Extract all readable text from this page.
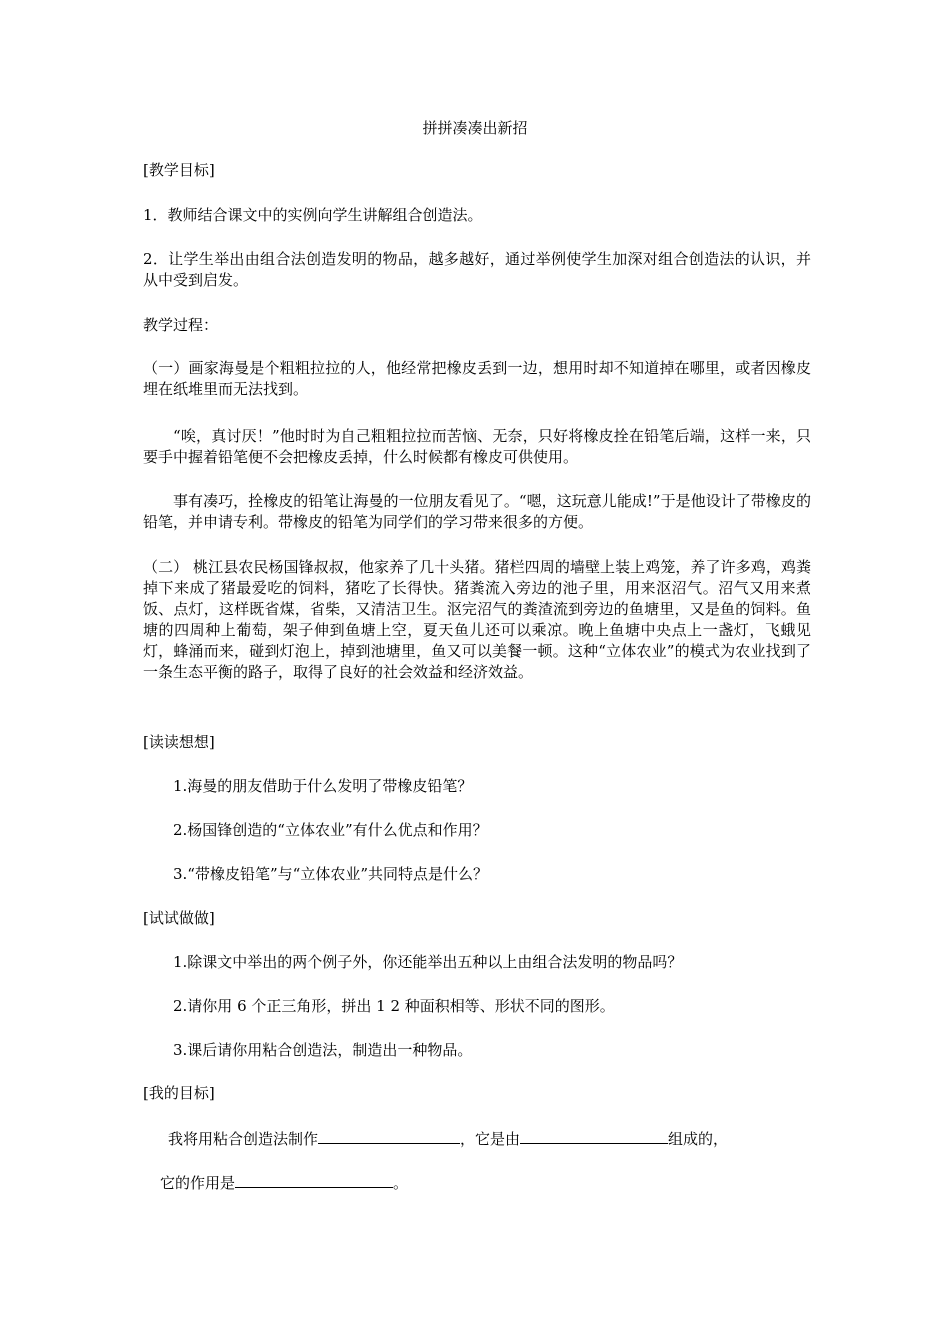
拼拼凑凑出新招

[教学目标]

1．教师结合课文中的实例向学生讲解组合创造法。

2．让学生举出由组合法创造发明的物品，越多越好，通过举例使学生加深对组合创造法的认识，并从中受到启发。

教学过程：

（一）画家海曼是个粗粗拉拉的人，他经常把橡皮丢到一边，想用时却不知道掉在哪里，或者因橡皮埋在纸堆里而无法找到。

“唉，真讨厌！”他时时为自己粗粗拉拉而苦恼、无奈，只好将橡皮拴在铅笔后端，这样一来，只要手中握着铅笔便不会把橡皮丢掉，什么时候都有橡皮可供使用。

事有凑巧，拴橡皮的铅笔让海曼的一位朋友看见了。“嗯，这玩意儿能成!”于是他设计了带橡皮的铅笔，并申请专利。带橡皮的铅笔为同学们的学习带来很多的方便。

（二） 桃江县农民杨国锋叔叔，他家养了几十头猪。猪栏四周的墙壁上装上鸡笼，养了许多鸡，鸡粪掉下来成了猪最爱吃的饲料，猪吃了长得快。猪粪流入旁边的池子里，用来沤沼气。沼气又用来煮饭、点灯，这样既省煤，省柴，又清洁卫生。沤完沼气的粪渣流到旁边的鱼塘里，又是鱼的饲料。鱼塘的四周种上葡萄，架子伸到鱼塘上空，夏天鱼儿还可以乘凉。晚上鱼塘中央点上一盏灯，飞蛾见灯，蜂涌而来，碰到灯泡上，掉到池塘里，鱼又可以美餐一顿。这种“立体农业”的模式为农业找到了一条生态平衡的路子，取得了良好的社会效益和经济效益。

[读读想想]

1.海曼的朋友借助于什么发明了带橡皮铅笔？

2.杨国锋创造的“立体农业”有什么优点和作用？

3.“带橡皮铅笔”与“立体农业”共同特点是什么？

[试试做做]

1.除课文中举出的两个例子外，你还能举出五种以上由组合法发明的物品吗？

2.请你用 6 个正三角形，拼出 1 2 种面积相等、形状不同的图形。

3.课后请你用粘合创造法，制造出一种物品。

[我的目标]

我将用粘合创造法制作	，它是由	组成的，

它的作用是	。
